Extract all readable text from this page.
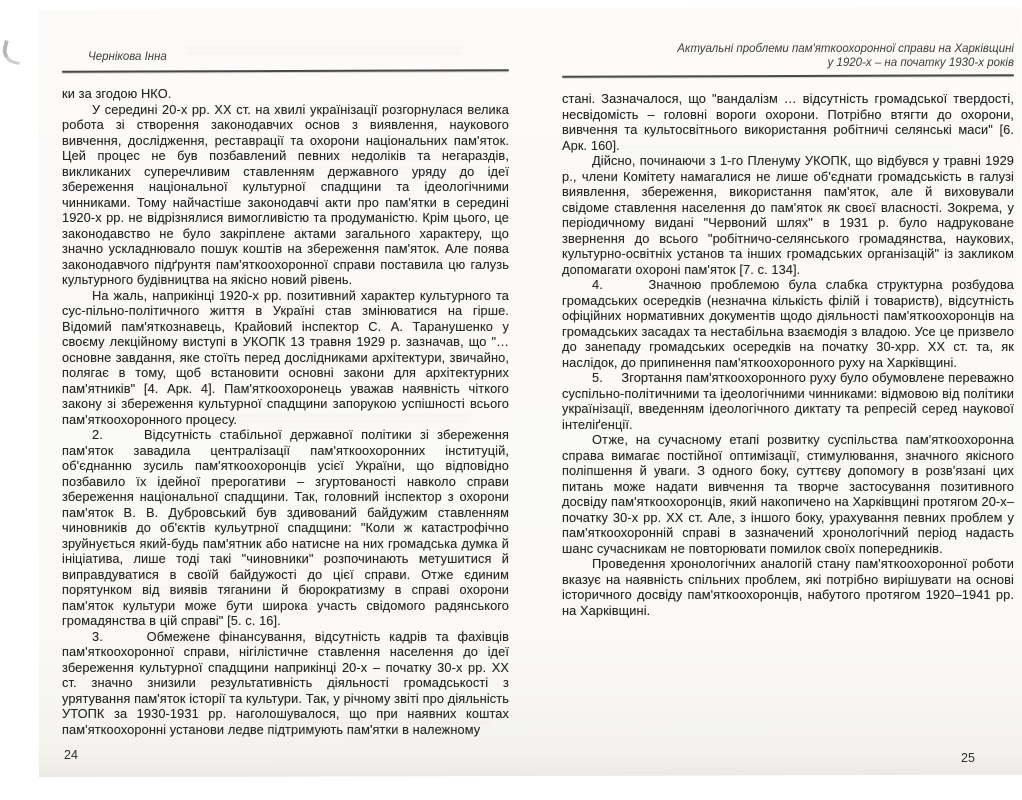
Чернікова Інна

ки за згодою НКО.

У середині 20-х рр. ХХ ст. на хвилі українізації розгорнулася велика робота зі створення законодавчих основ з виявлення, наукового вивчення, дослідження, реставрації та охорони національних пам'яток. Цей процес не був позбавлений певних недоліків та негараздів, викликаних суперечливим ставленням державного уряду до ідеї збереження національної культурної спадщини та ідеологічними чинниками. Тому найчастіше законодавчі акти про пам'ятки в середині 1920-х рр. не відрізнялися вимогливістю та продуманістю. Крім цього, це законодавство не було закріплене актами загального характеру, що значно ускладнювало пошук коштів на збереження пам'яток. Але поява законодавчого підґрунтя пам'яткоохоронної справи поставила цю галузь культурного будівництва на якісно новий рівень.

На жаль, наприкінці 1920-х рр. позитивний характер культурного та сус-пільно-політичного життя в Україні став змінюватися на гірше. Відомий пам'яткознавець, Крайовий інспектор С. А. Таранушенко у своєму лекційному виступі в УКОПК 13 травня 1929 р. зазначав, що "… основне завдання, яке стоїть перед дослідниками архітектури, звичайно, полягає в тому, щоб встановити основні закони для архітектурних пам'ятників" [4. Арк. 4]. Пам'яткоохоронець уважав наявність чіткого закону зі збереження культурної спадщини запорукою успішності всього пам'яткоохоронного процесу.

2.     Відсутність стабільної державної політики зі збереження пам'яток завадила централізації пам'яткоохоронних інституцій, об'єднанню зусиль пам'яткоохоронців усієї України, що відповідно позбавило їх ідейної прерогативи – згуртованості навколо справи збереження національної спадщини. Так, головний інспектор з охорони пам'яток В. В. Дубровський був здивований байдужим ставленням чиновників до об'єктів кульутрної спадщини: "Коли ж катастрофічно зруйнується який-будь пам'ятник або натисне на них громадська думка й ініціатива, лише тоді такі "чиновники" розпочинають метушитися й виправдуватися в своїй байдужості до цієї справи. Отже єдиним порятунком від виявів тяганини й бюрократизму в справі охорони пам'яток культури може бути широка участь свідомого радянського громадянства в цій справі" [5. с. 16].

3.     Обмежене фінансування, відсутність кадрів та фахівців пам'яткоохоронної справи, нігілістичне ставлення населення до ідеї збереження культурної спадщини наприкінці 20-х – початку 30-х рр. ХХ ст. значно знизили результативність діяльності громадськості з урятування пам'яток історії та культури. Так, у річному звіті про діяльність УТОПК за 1930-1931 рр. наголошувалося, що при наявних коштах пам'яткоохоронні установи ледве підтримують пам'ятки в належному

24
Актуальні проблеми пам'яткоохоронної справи на Харківщині
у 1920-х – на початку 1930-х років

стані. Зазначалося, що "вандалізм … відсутність громадської твердості, несвідомість – головні вороги охорони. Потрібно втягти до охорони, вивчення та культосвітнього використання робітничі селянські маси" [6. Арк. 160].

Дійсно, починаючи з 1-го Пленуму УКОПК, що відбувся у травні 1929 р., члени Комітету намагалися не лише об'єднати громадськість в галузі виявлення, збереження, використання пам'яток, але й виховували свідоме ставлення населення до пам'яток як своєї власності. Зокрема, у періодичному видані "Червоний шлях" в 1931 р. було надруковане звернення до всього "робітничо-селянського громадянства, наукових, культурно-освітніх установ та інших громадських організацій" із закликом допомагати охороні пам'яток [7. с. 134].

4.     Значною проблемою була слабка структурна розбудова громадських осередків (незначна кількість філій і товариств), відсутність офіційних нормативних документів щодо діяльності пам'яткоохоронців на громадських засадах та нестабільна взаємодія з владою. Усе це призвело до занепаду громадських осередків на початку 30-хрр. ХХ ст. та, як наслідок, до припинення пам'яткоохоронного руху на Харківщині.

5.     Згортання пам'яткоохоронного руху було обумовлене переважно суспільно-політичними та ідеологічними чинниками: відмовою від політики українізації, введенням ідеологічного диктату та репресій серед наукової інтеліґенції.

Отже, на сучасному етапі розвитку суспільства пам'яткоохоронна справа вимагає постійної оптимізації, стимулювання, значного якісного поліпшення й уваги. З одного боку, суттєву допомогу в розв'язані цих питань може надати вивчення та творче застосування позитивного досвіду пам'яткоохоронців, який накопичено на Харківщині протягом 20-х–початку 30-х рр. ХХ ст. Але, з іншого боку, урахування певних проблем у пам'яткоохоронній справі в зазначений хронологічний період надасть шанс сучасникам не повторювати помилок своїх попередників.

Проведення хронологічних аналогій стану пам'яткоохоронної роботи вказує на наявність спільних проблем, які потрібно вирішувати на основі історичного досвіду пам'яткоохоронців, набутого протягом 1920–1941 рр. на Харківщині.

25
